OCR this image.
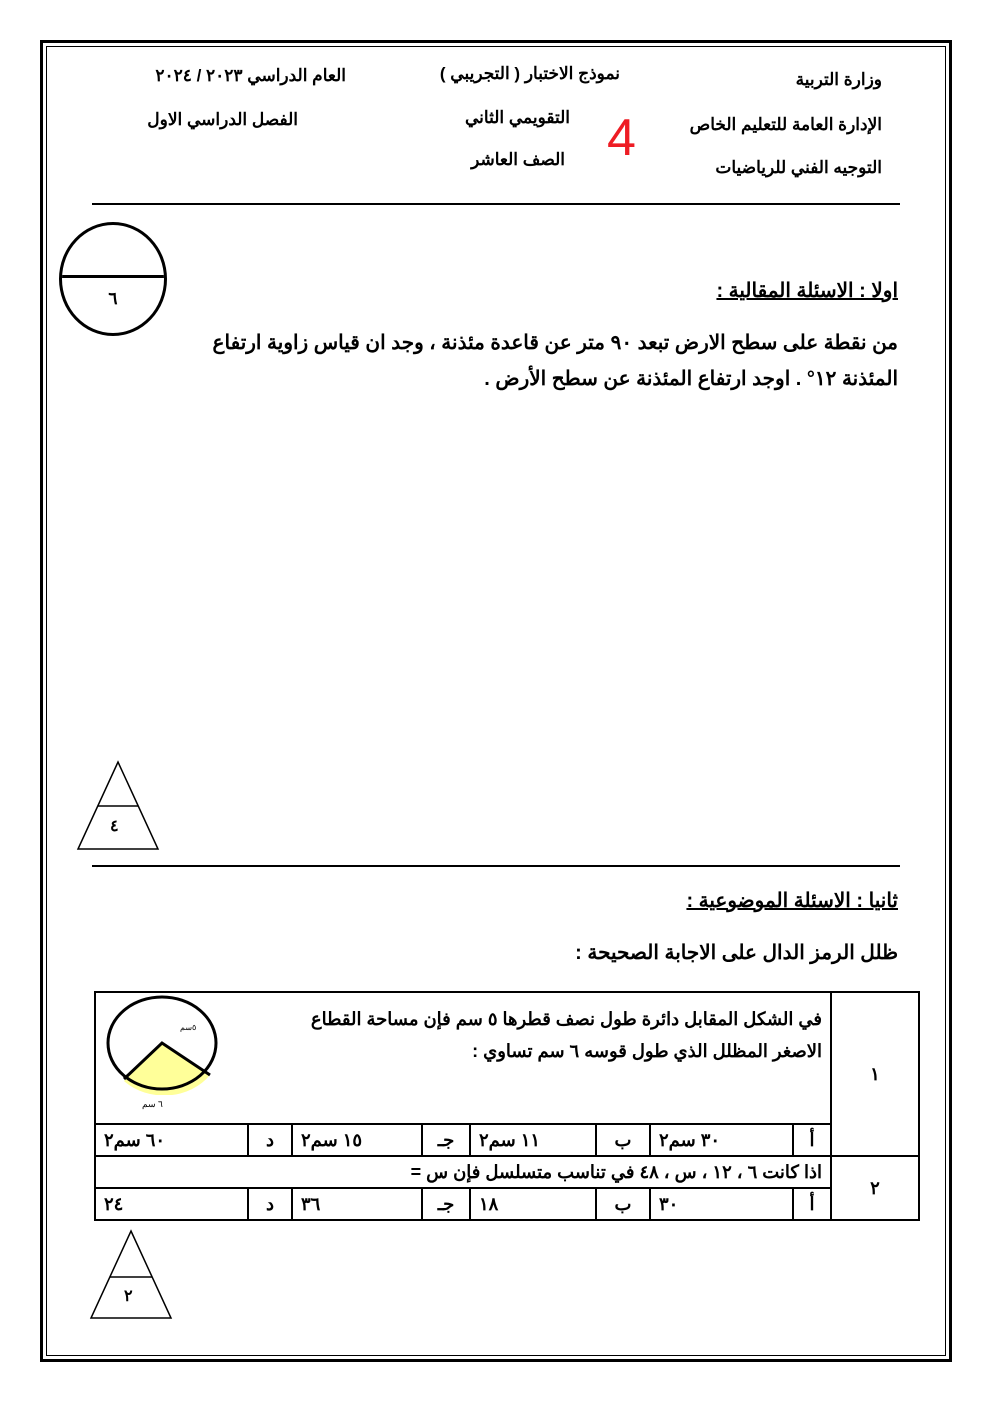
وزارة التربية
الإدارة العامة للتعليم الخاص
التوجيه الفني للرياضيات
نموذج الاختبار ( التجريبي )
التقويمي الثاني
الصف العاشر
العام الدراسي ٢٠٢٣ / ٢٠٢٤
الفصل الدراسي الاول	4
٦	اولا : الاسئلة المقالية :
من نقطة على سطح الارض تبعد ٩٠ متر عن قاعدة مئذنة ، وجد ان قياس زاوية ارتفاع
المئذنة ١٢° . اوجد ارتفاع المئذنة عن سطح الأرض .
٤
ثانيا : الاسئلة الموضوعية :
ظلل الرمز الدال على الاجابة الصحيحة :
١	في الشكل المقابل دائرة طول نصف قطرها ٥ سم فإن مساحة القطاع
الاصغر المظلل الذي طول قوسه ٦ سم تساوي :
٥سم
٦ سم							

	أ	٣٠ سم٢	ب	١١ سم٢	جـ	١٥ سم٢	د	٦٠ سم٢
٢	اذا كانت ٦ ، ١٢ ، س ، ٤٨ في تناسب متسلسل فإن س =							
	أ	٣٠	ب	١٨	جـ	٣٦	د	٢٤
٢
